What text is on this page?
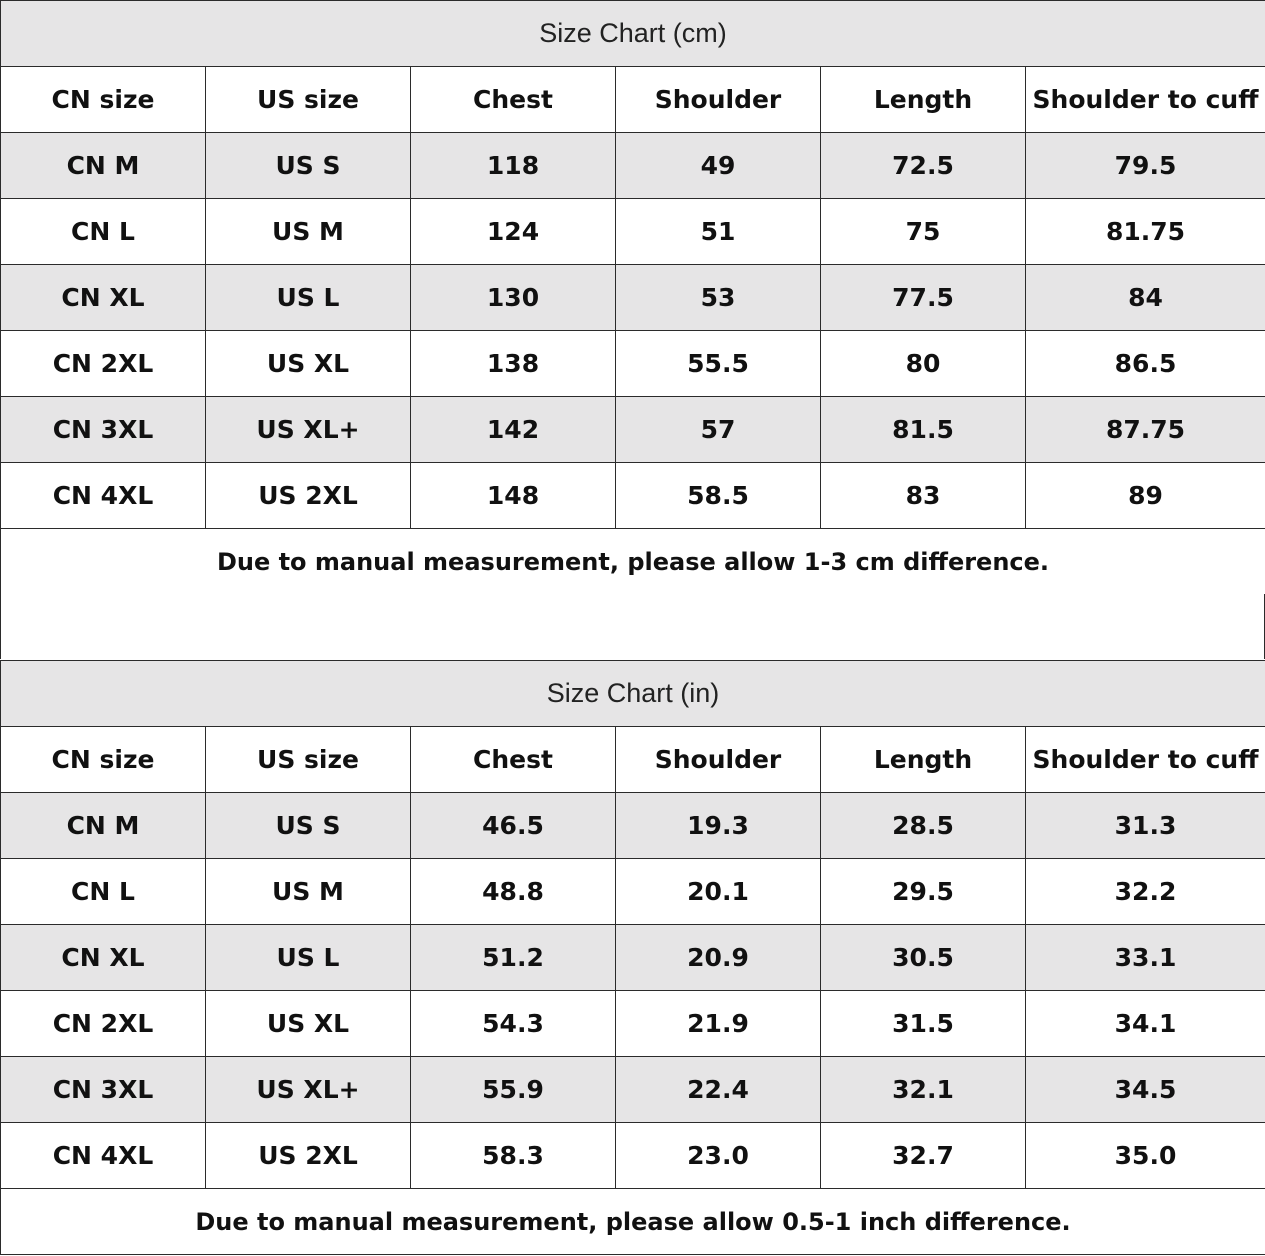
Size Chart (cm)					
CN size	US size	Chest	Shoulder	Length	Shoulder to cuff
CN M	US S	118	49	72.5	79.5
CN L	US M	124	51	75	81.75
CN XL	US L	130	53	77.5	84
CN 2XL	US XL	138	55.5	80	86.5
CN 3XL	US XL+	142	57	81.5	87.75
CN 4XL	US 2XL	148	58.5	83	89
Due to manual measurement, please allow 1-3 cm difference.					
Size Chart (in)					
CN size	US size	Chest	Shoulder	Length	Shoulder to cuff
CN M	US S	46.5	19.3	28.5	31.3
CN L	US M	48.8	20.1	29.5	32.2
CN XL	US L	51.2	20.9	30.5	33.1
CN 2XL	US XL	54.3	21.9	31.5	34.1
CN 3XL	US XL+	55.9	22.4	32.1	34.5
CN 4XL	US 2XL	58.3	23.0	32.7	35.0
Due to manual measurement, please allow 0.5-1 inch difference.					
